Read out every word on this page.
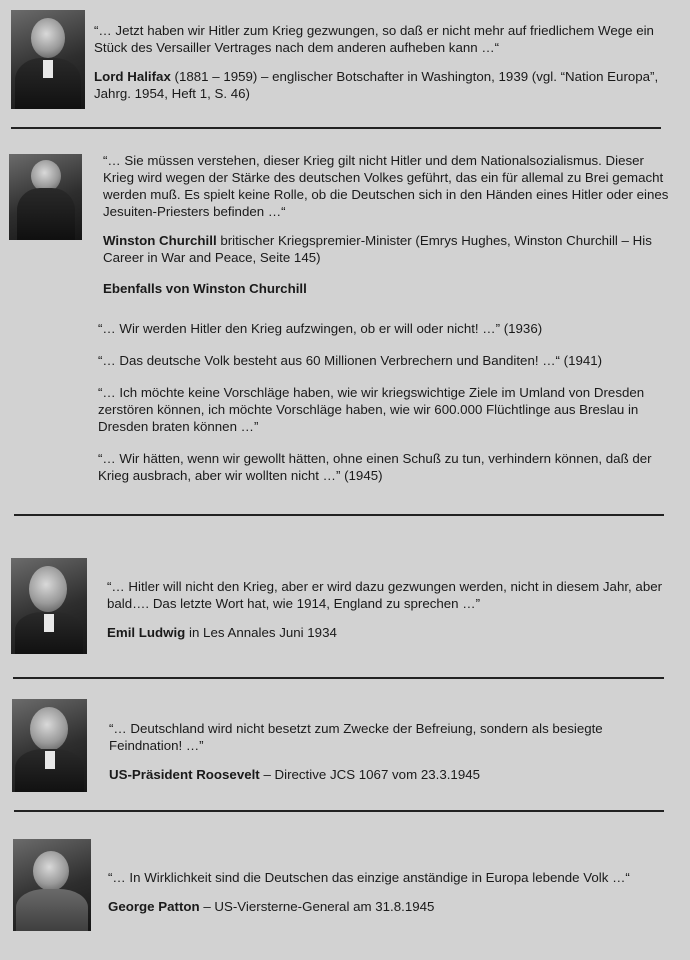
“… Jetzt haben wir Hitler zum Krieg gezwungen, so daß er nicht mehr auf friedlichem Wege ein Stück des Versailler Vertrages nach dem anderen aufheben kann …“

Lord Halifax (1881 – 1959) – englischer Botschafter in Washington, 1939 (vgl. “Nation Europa”, Jahrg. 1954, Heft 1, S. 46)

“… Sie müssen verstehen, dieser Krieg gilt nicht Hitler und dem Nationalsozialismus. Dieser Krieg wird wegen der Stärke des deutschen Volkes geführt, das ein für allemal zu Brei gemacht werden muß. Es spielt keine Rolle, ob die Deutschen sich in den Händen eines Hitler oder eines Jesuiten-Priesters befinden …“

Winston Churchill britischer Kriegspremier-Minister (Emrys Hughes, Winston Churchill – His Career in War and Peace, Seite 145)

Ebenfalls von Winston Churchill

“… Wir werden Hitler den Krieg aufzwingen, ob er will oder nicht! …” (1936)

“… Das deutsche Volk besteht aus 60 Millionen Verbrechern und Banditen! …“ (1941)

“… Ich möchte keine Vorschläge haben, wie wir kriegswichtige Ziele im Umland von Dresden zerstören können, ich möchte Vorschläge haben, wie wir 600.000 Flüchtlinge aus Breslau in Dresden braten können …”

“… Wir hätten, wenn wir gewollt hätten, ohne einen Schuß zu tun, verhindern können, daß der Krieg ausbrach, aber wir wollten nicht …” (1945)

“… Hitler will nicht den Krieg, aber er wird dazu gezwungen werden, nicht in diesem Jahr, aber bald…. Das letzte Wort hat, wie 1914, England zu sprechen …”

Emil Ludwig in Les Annales Juni 1934

“… Deutschland wird nicht besetzt zum Zwecke der Befreiung, sondern als besiegte Feindnation! …”

US-Präsident Roosevelt – Directive JCS 1067 vom 23.3.1945

“… In Wirklichkeit sind die Deutschen das einzige anständige in Europa lebende Volk …“

George Patton – US-Viersterne-General am 31.8.1945
